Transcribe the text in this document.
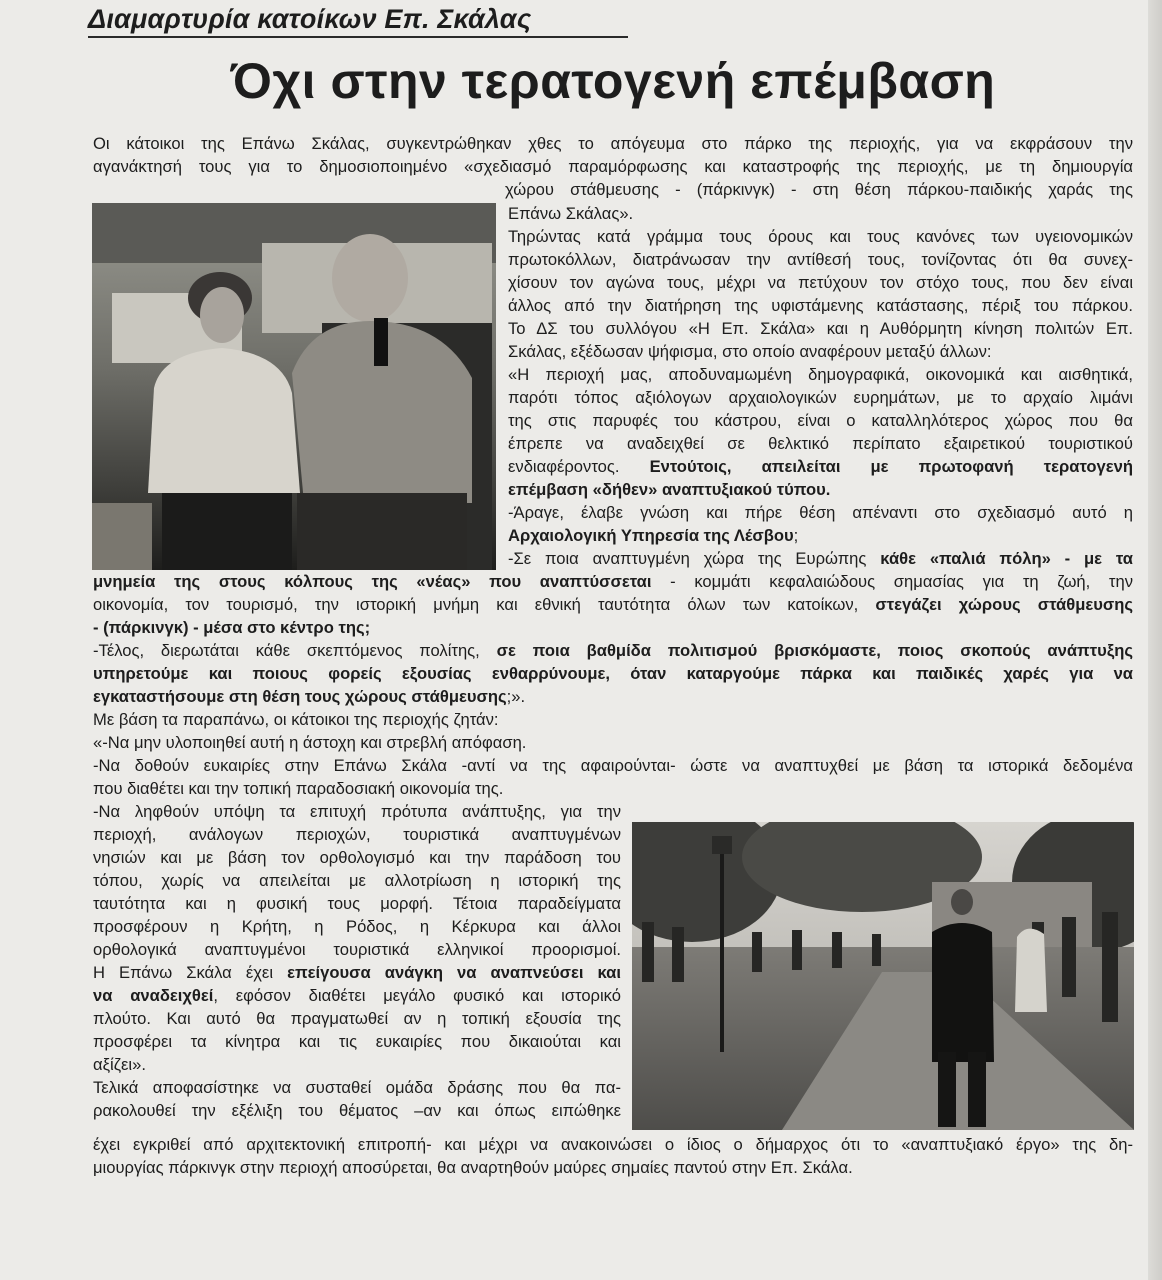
Διαμαρτυρία κατοίκων Επ. Σκάλας
Όχι στην τερατογενή επέμβαση
Οι κάτοικοι της Επάνω Σκάλας, συγκεντρώθηκαν χθες το απόγευμα στο πάρκο της περιοχής, για να εκφράσουν την
αγανάκτησή τους για το δημοσιοποιημένο «σχεδιασμό παραμόρφωσης και καταστροφής της περιοχής, με τη δημιουργία
χώρου στάθμευσης - (πάρκινγκ) - στη θέση πάρκου-παιδικής χαράς της
Επάνω Σκάλας».
Τηρώντας κατά γράμμα τους όρους και τους κανόνες των υγειονομικών
πρωτοκόλλων, διατράνωσαν την αντίθεσή τους, τονίζοντας ότι θα συνεχ-
χίσουν τον αγώνα τους, μέχρι να πετύχουν τον στόχο τους, που δεν είναι
άλλος από την διατήρηση της υφιστάμενης κατάστασης, πέριξ του πάρκου.
Το ΔΣ του συλλόγου «Η Επ. Σκάλα» και η Αυθόρμητη κίνηση πολιτών Επ.
Σκάλας, εξέδωσαν ψήφισμα, στο οποίο αναφέρουν μεταξύ άλλων:
«Η περιοχή μας, αποδυναμωμένη δημογραφικά, οικονομικά και αισθητικά,
παρότι τόπος αξιόλογων αρχαιολογικών ευρημάτων, με το αρχαίο λιμάνι
της στις παρυφές του κάστρου, είναι ο καταλληλότερος χώρος που θα
έπρεπε να αναδειχθεί σε θελκτικό περίπατο εξαιρετικού τουριστικού
ενδιαφέροντος. Εντούτοις, απειλείται με πρωτοφανή τερατογενή
επέμβαση «δήθεν» αναπτυξιακού τύπου.
-Άραγε, έλαβε γνώση και πήρε θέση απέναντι στο σχεδιασμό αυτό η
Αρχαιολογική Υπηρεσία της Λέσβου;
-Σε ποια αναπτυγμένη χώρα της Ευρώπης κάθε «παλιά πόλη» - με τα
μνημεία της στους κόλπους της «νέας» που αναπτύσσεται - κομμάτι κεφαλαιώδους σημασίας για τη ζωή, την
οικονομία, τον τουρισμό, την ιστορική μνήμη και εθνική ταυτότητα όλων των κατοίκων, στεγάζει χώρους στάθμευσης
- (πάρκινγκ) - μέσα στο κέντρο της;
-Τέλος, διερωτάται κάθε σκεπτόμενος πολίτης, σε ποια βαθμίδα πολιτισμού βρισκόμαστε, ποιος σκοπούς ανάπτυξης
υπηρετούμε και ποιους φορείς εξουσίας ενθαρρύνουμε, όταν καταργούμε πάρκα και παιδικές χαρές για να
εγκαταστήσουμε στη θέση τους χώρους στάθμευσης;».
Με βάση τα παραπάνω, οι κάτοικοι της περιοχής ζητάν:
«-Να μην υλοποιηθεί αυτή η άστοχη και στρεβλή απόφαση.
-Να δοθούν ευκαιρίες στην Επάνω Σκάλα -αντί να της αφαιρούνται- ώστε να αναπτυχθεί με βάση τα ιστορικά δεδομένα
που διαθέτει και την τοπική παραδοσιακή οικονομία της.
-Να ληφθούν υπόψη τα επιτυχή πρότυπα ανάπτυξης, για την
περιοχή, ανάλογων περιοχών, τουριστικά αναπτυγμένων
νησιών και με βάση τον ορθολογισμό και την παράδοση του
τόπου, χωρίς να απειλείται με αλλοτρίωση η ιστορική της
ταυτότητα και η φυσική τους μορφή. Τέτοια παραδείγματα
προσφέρουν η Κρήτη, η Ρόδος, η Κέρκυρα και άλλοι
ορθολογικά αναπτυγμένοι τουριστικά ελληνικοί προορισμοί.
Η Επάνω Σκάλα έχει επείγουσα ανάγκη να αναπνεύσει και
να αναδειχθεί, εφόσον διαθέτει μεγάλο φυσικό και ιστορικό
πλούτο. Και αυτό θα πραγματωθεί αν η τοπική εξουσία της
προσφέρει τα κίνητρα και τις ευκαιρίες που δικαιούται και
αξίζει».
Τελικά αποφασίστηκε να συσταθεί ομάδα δράσης που θα πα-
ρακολουθεί την εξέλιξη του θέματος –αν και όπως ειπώθηκε
έχει εγκριθεί από αρχιτεκτονική επιτροπή- και μέχρι να ανακοινώσει ο ίδιος ο δήμαρχος ότι το «αναπτυξιακό έργο» της δη-
μιουργίας πάρκινγκ στην περιοχή αποσύρεται, θα αναρτηθούν μαύρες σημαίες παντού στην Επ. Σκάλα.
